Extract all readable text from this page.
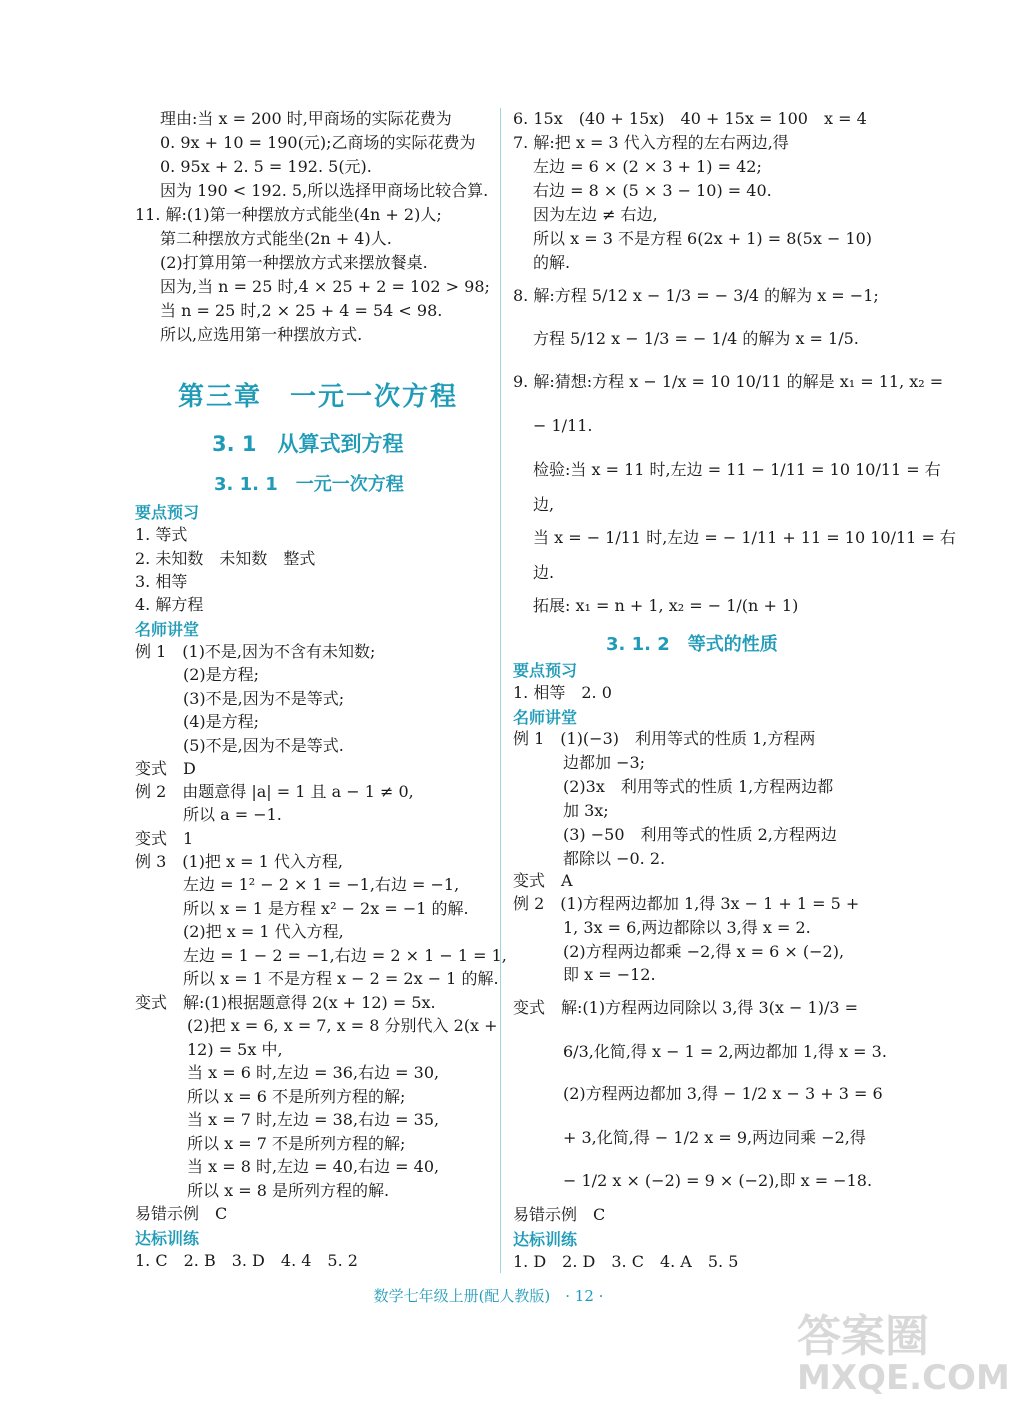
第三章　一元一次方程
3. 1　从算式到方程
3. 1. 1　一元一次方程
要点预习
名师讲堂
达标训练
3. 1. 2　等式的性质
要点预习
名师讲堂
达标训练
数学七年级上册(配人教版)　· 12 ·
答案圈
MXQE.COM
理由:当 x = 200 时,甲商场的实际花费为
0. 9x + 10 = 190(元);乙商场的实际花费为
0. 95x + 2. 5 = 192. 5(元).
因为 190 < 192. 5,所以选择甲商场比较合算.
11. 解:(1)第一种摆放方式能坐(4n + 2)人;
第二种摆放方式能坐(2n + 4)人.
(2)打算用第一种摆放方式来摆放餐桌.
因为,当 n = 25 时,4 × 25 + 2 = 102 > 98;
当 n = 25 时,2 × 25 + 4 = 54 < 98.
所以,应选用第一种摆放方式.
1. 等式
2. 未知数　未知数　整式
3. 相等
4. 解方程
例 1　(1)不是,因为不含有未知数;
(2)是方程;
(3)不是,因为不是等式;
(4)是方程;
(5)不是,因为不是等式.
变式　D
例 2　由题意得 |a| = 1 且 a − 1 ≠ 0,
所以 a = −1.
变式　1
例 3　(1)把 x = 1 代入方程,
左边 = 1² − 2 × 1 = −1,右边 = −1,
所以 x = 1 是方程 x² − 2x = −1 的解.
(2)把 x = 1 代入方程,
左边 = 1 − 2 = −1,右边 = 2 × 1 − 1 = 1,
所以 x = 1 不是方程 x − 2 = 2x − 1 的解.
变式　解:(1)根据题意得 2(x + 12) = 5x.
(2)把 x = 6, x = 7, x = 8 分别代入 2(x +
12) = 5x 中,
当 x = 6 时,左边 = 36,右边 = 30,
所以 x = 6 不是所列方程的解;
当 x = 7 时,左边 = 38,右边 = 35,
所以 x = 7 不是所列方程的解;
当 x = 8 时,左边 = 40,右边 = 40,
所以 x = 8 是所列方程的解.
易错示例　C
1. C　2. B　3. D　4. 4　5. 2
6. 15x　(40 + 15x)　40 + 15x = 100　x = 4
7. 解:把 x = 3 代入方程的左右两边,得
左边 = 6 × (2 × 3 + 1) = 42;
右边 = 8 × (5 × 3 − 10) = 40.
因为左边 ≠ 右边,
所以 x = 3 不是方程 6(2x + 1) = 8(5x − 10)
的解.
8. 解:方程 5/12 x − 1/3 = − 3/4 的解为 x = −1;
方程 5/12 x − 1/3 = − 1/4 的解为 x = 1/5.
9. 解:猜想:方程 x − 1/x = 10 10/11 的解是 x₁ = 11, x₂ =
− 1/11.
检验:当 x = 11 时,左边 = 11 − 1/11 = 10 10/11 = 右
边,
当 x = − 1/11 时,左边 = − 1/11 + 11 = 10 10/11 = 右
边.
拓展: x₁ = n + 1, x₂ = − 1/(n + 1)
1. 相等　2. 0
例 1　(1)(−3)　利用等式的性质 1,方程两
边都加 −3;
(2)3x　利用等式的性质 1,方程两边都
加 3x;
(3) −50　利用等式的性质 2,方程两边
都除以 −0. 2.
变式　A
例 2　(1)方程两边都加 1,得 3x − 1 + 1 = 5 +
1, 3x = 6,两边都除以 3,得 x = 2.
(2)方程两边都乘 −2,得 x = 6 × (−2),
即 x = −12.
变式　解:(1)方程两边同除以 3,得 3(x − 1)/3 =
6/3,化简,得 x − 1 = 2,两边都加 1,得 x = 3.
(2)方程两边都加 3,得 − 1/2 x − 3 + 3 = 6
+ 3,化简,得 − 1/2 x = 9,两边同乘 −2,得
− 1/2 x × (−2) = 9 × (−2),即 x = −18.
易错示例　C
1. D　2. D　3. C　4. A　5. 5
